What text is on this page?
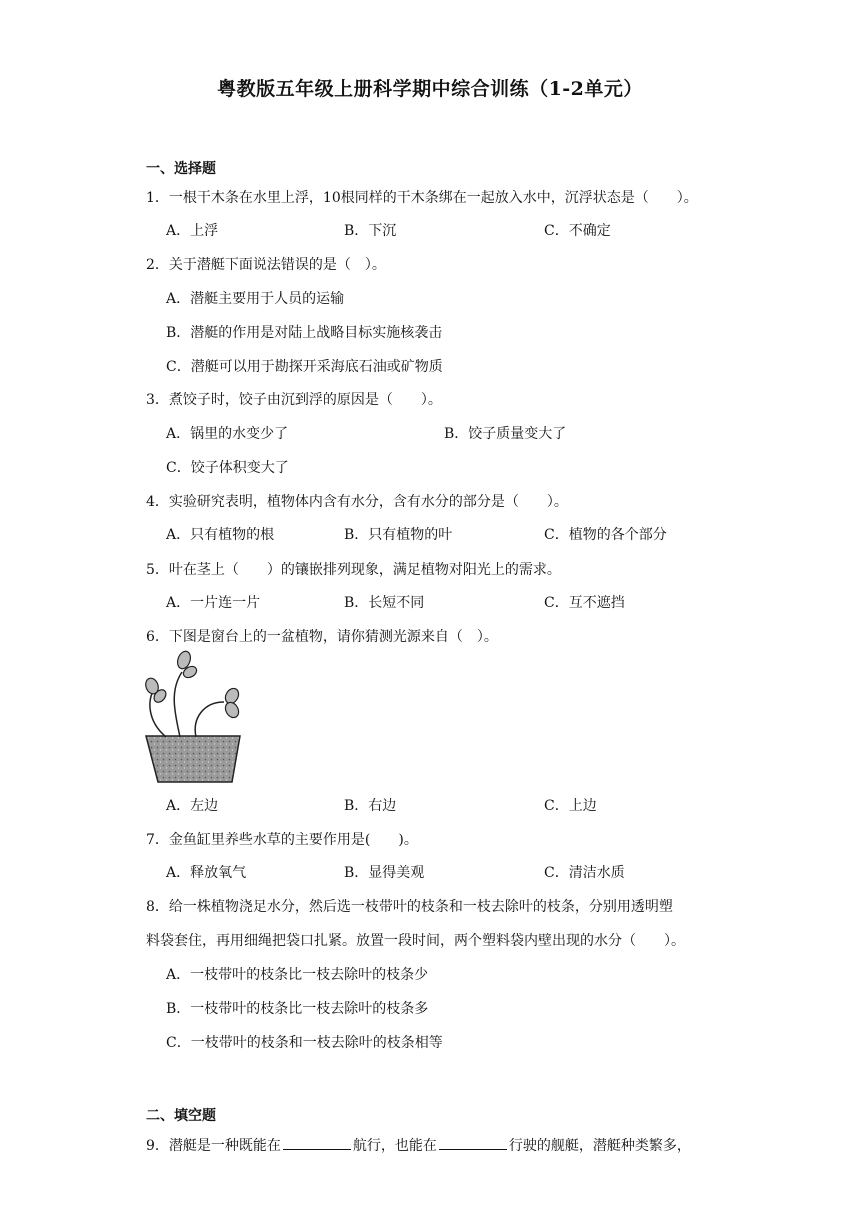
粤教版五年级上册科学期中综合训练（1-2单元）
一、选择题
1．一根干木条在水里上浮，10根同样的干木条绑在一起放入水中，沉浮状态是（　　）。
A．上浮	B．下沉	C．不确定
2．关于潜艇下面说法错误的是（　）。
A．潜艇主要用于人员的运输
B．潜艇的作用是对陆上战略目标实施核袭击
C．潜艇可以用于勘探开采海底石油或矿物质
3．煮饺子时，饺子由沉到浮的原因是（　　）。
A．锅里的水变少了	B．饺子质量变大了
C．饺子体积变大了
4．实验研究表明，植物体内含有水分，含有水分的部分是（　　）。
A．只有植物的根	B．只有植物的叶	C．植物的各个部分
5．叶在茎上（　　）的镶嵌排列现象，满足植物对阳光上的需求。
A．一片连一片	B．长短不同	C．互不遮挡
6．下图是窗台上的一盆植物，请你猜测光源来自（　）。
A．左边	B．右边	C．上边
7．金鱼缸里养些水草的主要作用是(　　)。
A．释放氧气	B．显得美观	C．清洁水质
8．给一株植物浇足水分，然后选一枝带叶的枝条和一枝去除叶的枝条，分别用透明塑
料袋套住，再用细绳把袋口扎紧。放置一段时间，两个塑料袋内壁出现的水分（　　）。
A．一枝带叶的枝条比一枝去除叶的枝条少
B．一枝带叶的枝条比一枝去除叶的枝条多
C．一枝带叶的枝条和一枝去除叶的枝条相等
二、填空题
9．潜艇是一种既能在	航行，也能在	行驶的舰艇，潜艇种类繁多，
